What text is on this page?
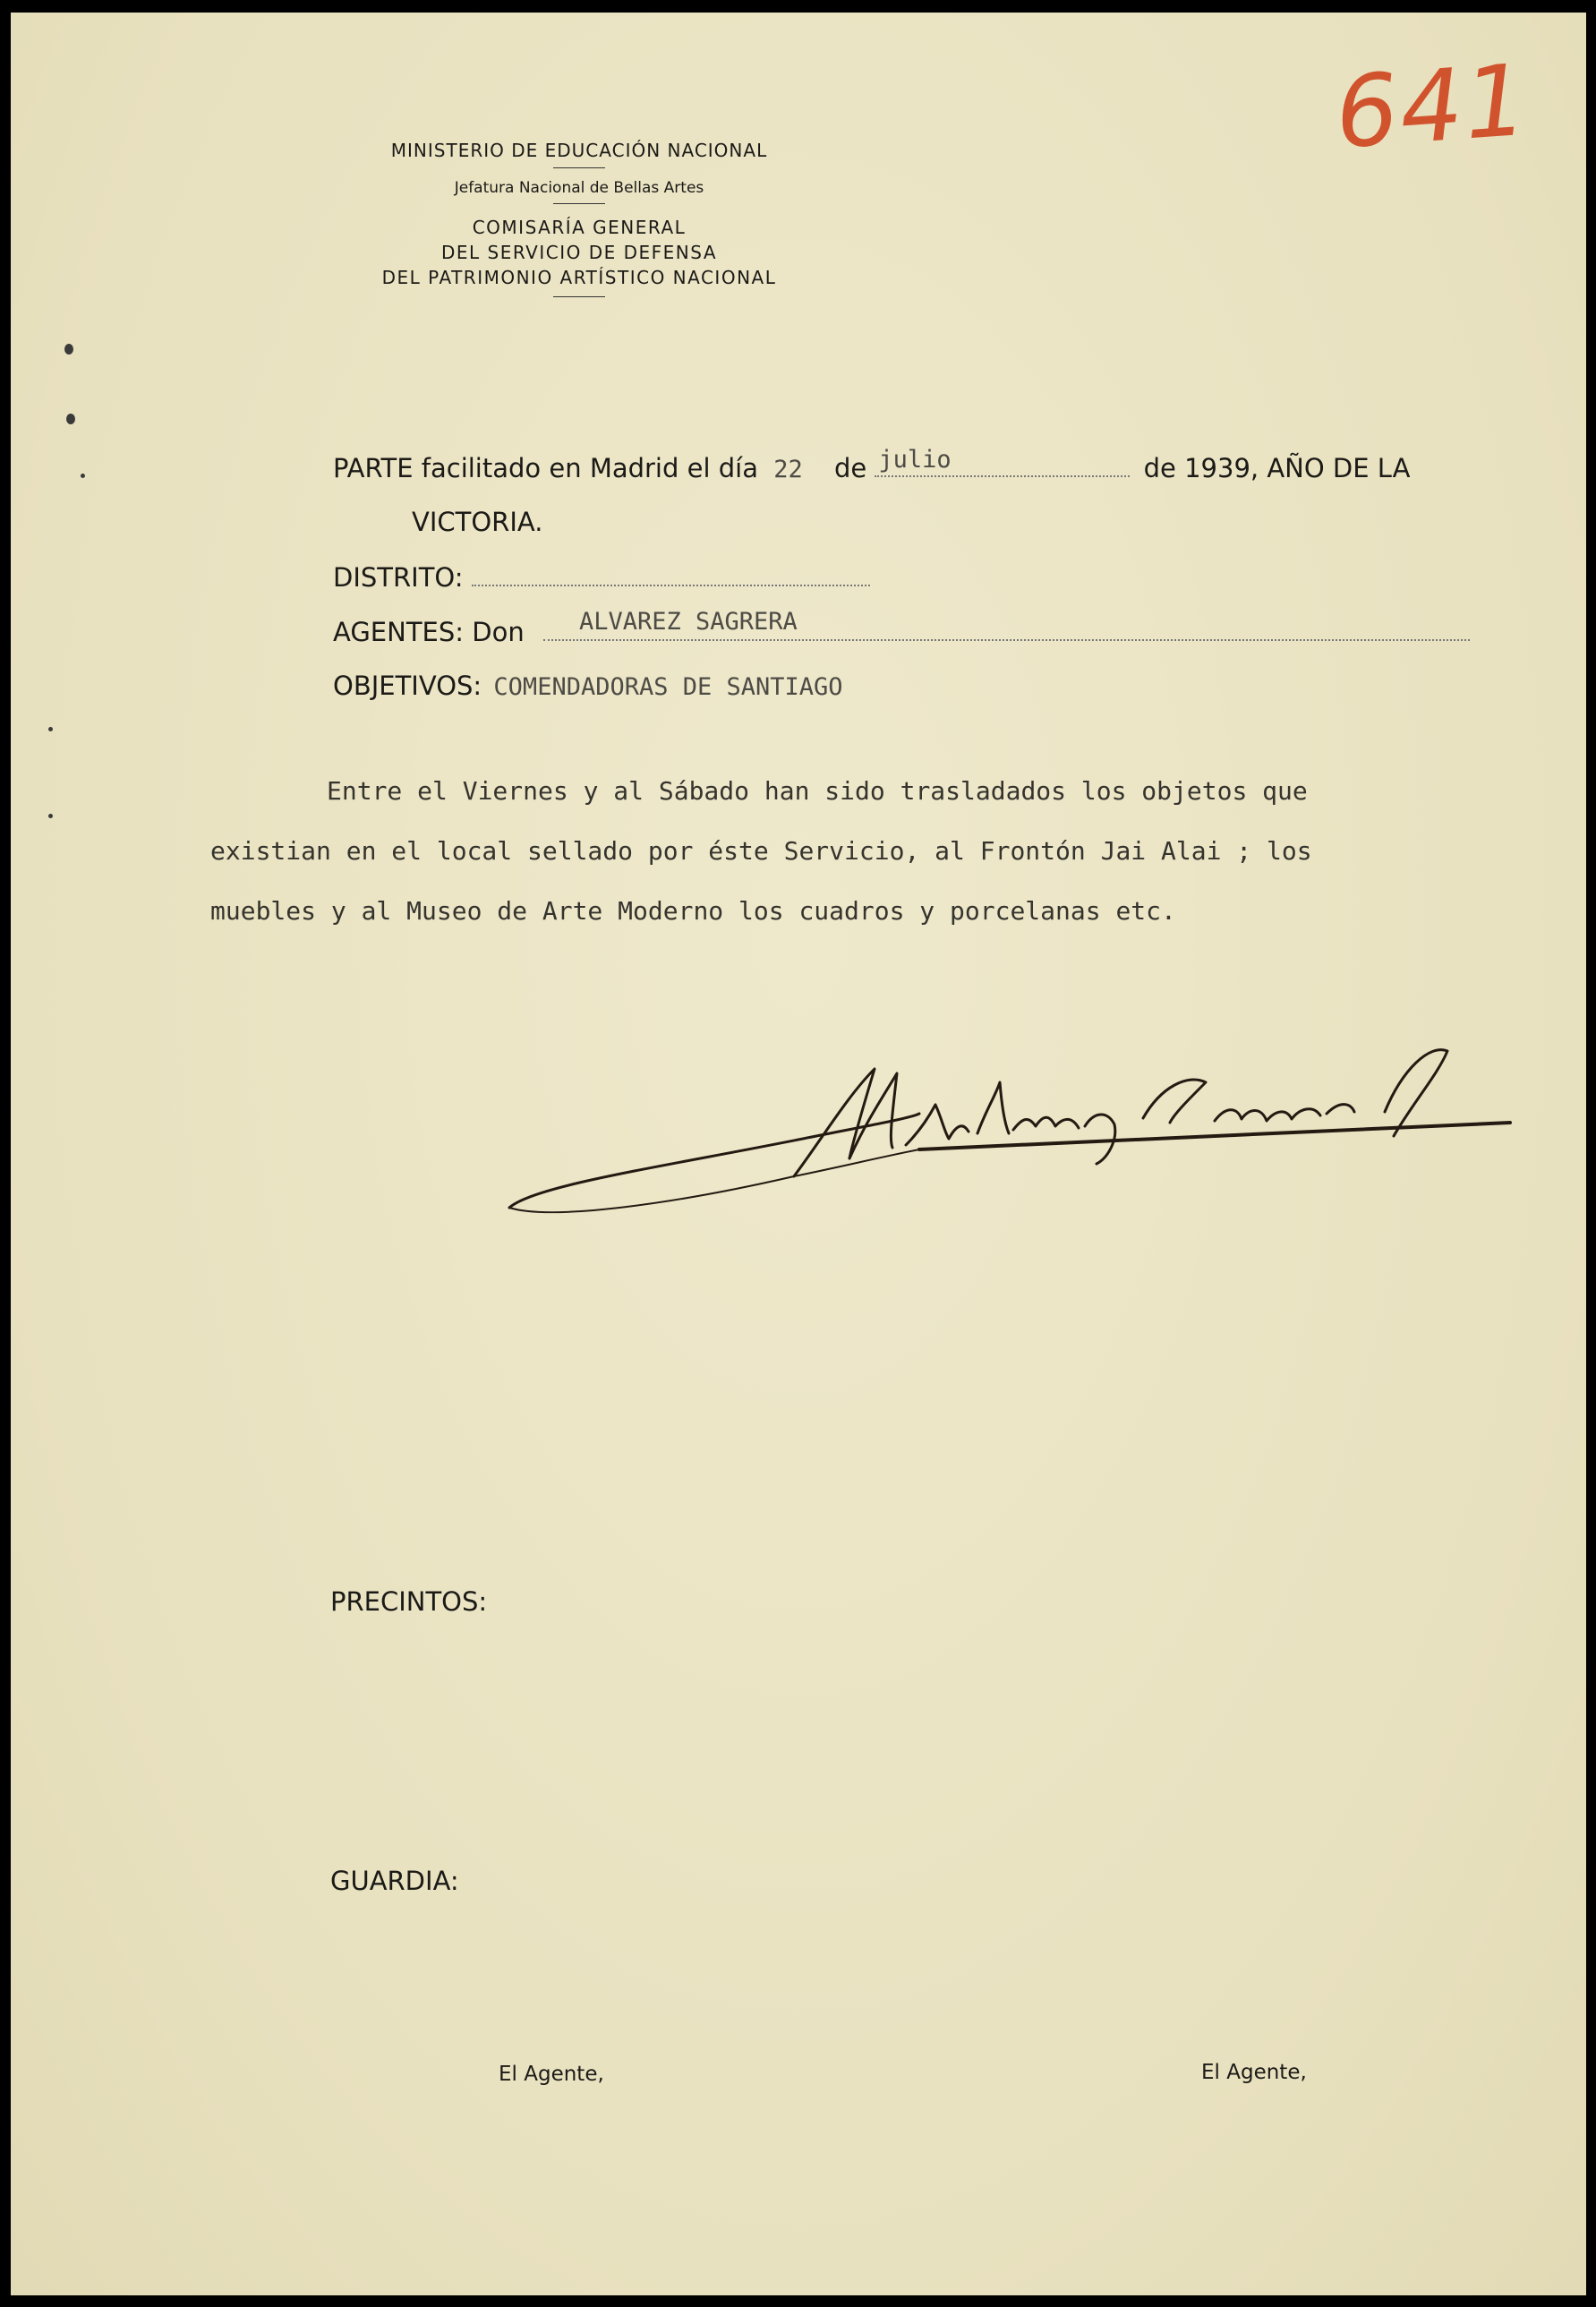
641
MINISTERIO DE EDUCACIÓN NACIONAL
Jefatura Nacional de Bellas Artes
COMISARÍA GENERAL
DEL SERVICIO DE DEFENSA
DEL PATRIMONIO ARTÍSTICO NACIONAL
PARTE facilitado en Madrid el día 22 de julio	de 1939, AÑO DE LA
VICTORIA.
DISTRITO:
AGENTES: Don ALVAREZ SAGRERA
OBJETIVOS: COMENDADORAS DE SANTIAGO
Entre el Viernes y al Sábado han sido trasladados los objetos que
existian en el local sellado por éste Servicio, al Frontón Jai Alai ; los
muebles y al Museo de Arte Moderno los cuadros y porcelanas etc.
PRECINTOS:
GUARDIA:
El Agente,	El Agente,
